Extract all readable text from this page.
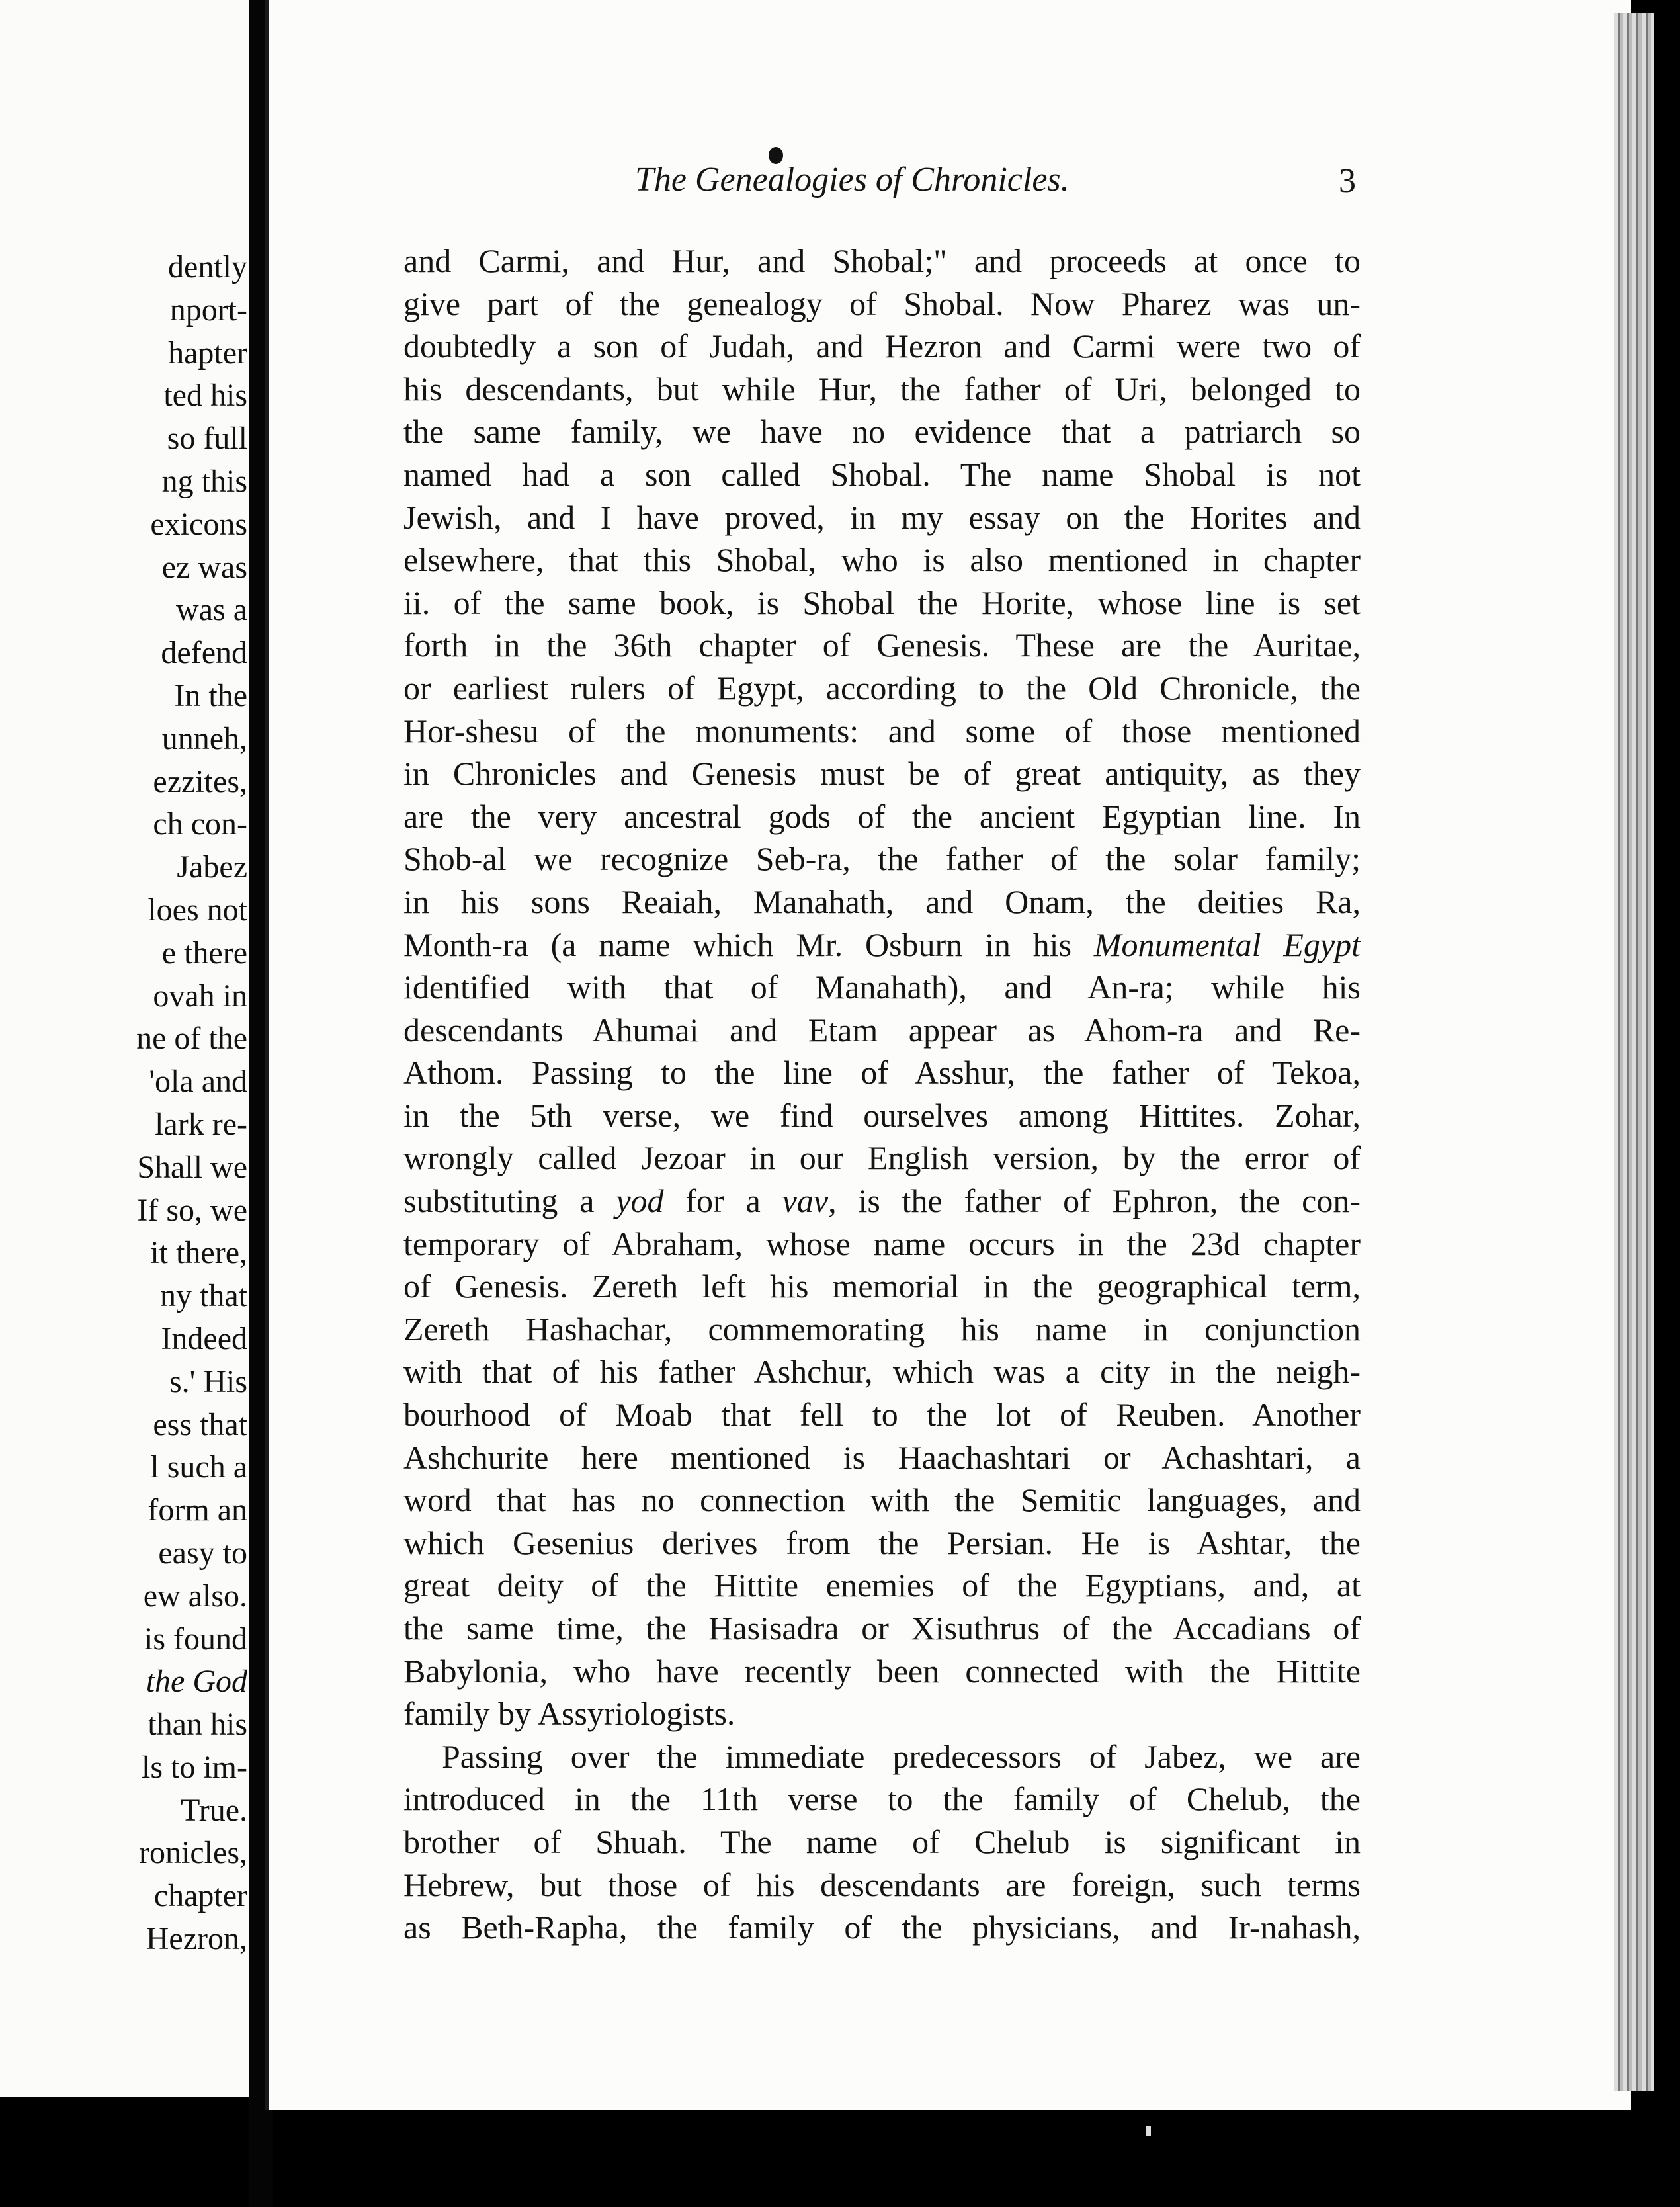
dently
nport-
hapter
ted his
so full
ng this
exicons
ez was
was a
defend
In the
unneh,
ezzites,
ch con-
Jabez
loes not
e there
ovah in
ne of the
'ola and
lark re-
Shall we
If so, we
it there,
ny that
Indeed
s.' His
ess that
l such a
form an
easy to
ew also.
is found
the God
than his
ls to im-
True.
ronicles,
chapter
Hezron,
The Genealogies of Chronicles.	3
and Carmi, and Hur, and Shobal;" and proceeds at once to
give part of the genealogy of Shobal. Now Pharez was un-
doubtedly a son of Judah, and Hezron and Carmi were two of
his descendants, but while Hur, the father of Uri, belonged to
the same family, we have no evidence that a patriarch so
named had a son called Shobal. The name Shobal is not
Jewish, and I have proved, in my essay on the Horites and
elsewhere, that this Shobal, who is also mentioned in chapter
ii. of the same book, is Shobal the Horite, whose line is set
forth in the 36th chapter of Genesis. These are the Auritae,
or earliest rulers of Egypt, according to the Old Chronicle, the
Hor-shesu of the monuments: and some of those mentioned
in Chronicles and Genesis must be of great antiquity, as they
are the very ancestral gods of the ancient Egyptian line. In
Shob-al we recognize Seb-ra, the father of the solar family;
in his sons Reaiah, Manahath, and Onam, the deities Ra,
Month-ra (a name which Mr. Osburn in his Monumental Egypt
identified with that of Manahath), and An-ra; while his
descendants Ahumai and Etam appear as Ahom-ra and Re-
Athom. Passing to the line of Asshur, the father of Tekoa,
in the 5th verse, we find ourselves among Hittites. Zohar,
wrongly called Jezoar in our English version, by the error of
substituting a yod for a vav, is the father of Ephron, the con-
temporary of Abraham, whose name occurs in the 23d chapter
of Genesis. Zereth left his memorial in the geographical term,
Zereth Hashachar, commemorating his name in conjunction
with that of his father Ashchur, which was a city in the neigh-
bourhood of Moab that fell to the lot of Reuben. Another
Ashchurite here mentioned is Haachashtari or Achashtari, a
word that has no connection with the Semitic languages, and
which Gesenius derives from the Persian. He is Ashtar, the
great deity of the Hittite enemies of the Egyptians, and, at
the same time, the Hasisadra or Xisuthrus of the Accadians of
Babylonia, who have recently been connected with the Hittite
family by Assyriologists.
Passing over the immediate predecessors of Jabez, we are
introduced in the 11th verse to the family of Chelub, the
brother of Shuah. The name of Chelub is significant in
Hebrew, but those of his descendants are foreign, such terms
as Beth-Rapha, the family of the physicians, and Ir-nahash,
